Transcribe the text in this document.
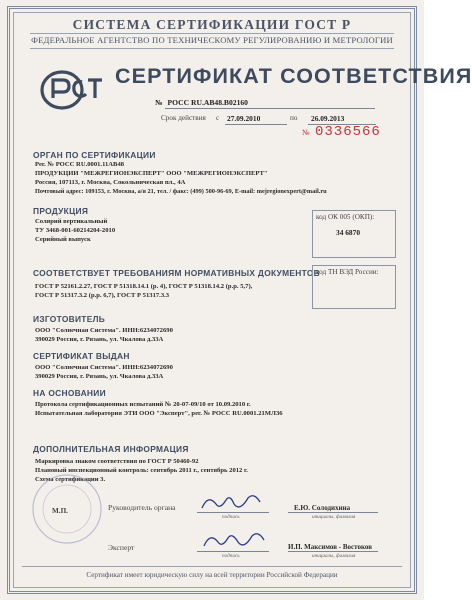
СИСТЕМА СЕРТИФИКАЦИИ ГОСТ Р
ФЕДЕРАЛЬНОЕ АГЕНТСТВО ПО ТЕХНИЧЕСКОМУ РЕГУЛИРОВАНИЮ И МЕТРОЛОГИИ
СЕРТИФИКАТ СООТВЕТСТВИЯ
№ РОСС RU.АВ48.В02160
Срок действия с 27.09.2010	по 26.09.2013
№ 0336566
ОРГАН ПО СЕРТИФИКАЦИИ
Рег. № РОСС RU.0001.11АВ48
ПРОДУКЦИИ "МЕЖРЕГИОНЭКСПЕРТ" ООО "МЕЖРЕГИОНЭКСПЕРТ"
Россия, 107113, г. Москва, Сокольническая пл., 4А
Почтовый адрес: 109153, г. Москва, а/я 21, тел. / факс: (499) 500-96-69, E-mail: mejregionexpert@mail.ru
ПРОДУКЦИЯ
Солярий вертикальный
ТУ 3468-001-60214204-2010
Серийный выпуск
код ОК 005 (ОКП):
34 6870
СООТВЕТСТВУЕТ ТРЕБОВАНИЯМ НОРМАТИВНЫХ ДОКУМЕНТОВ
ГОСТ Р 52161.2.27, ГОСТ Р 51318.14.1 (р. 4), ГОСТ Р 51318.14.2 (р.р. 5,7),
ГОСТ Р 51317.3.2 (р.р. 6,7), ГОСТ Р 51317.3.3
код ТН ВЭД России:
ИЗГОТОВИТЕЛЬ
ООО "Солнечная Система". ИНН:6234072690
390029 Россия, г. Рязань, ул. Чкалова д.33А
СЕРТИФИКАТ ВЫДАН
ООО "Солнечная Система". ИНН:6234072690
390029 Россия, г. Рязань, ул. Чкалова д.33А
НА ОСНОВАНИИ
Протокола сертификационных испытаний № 20-07-09/10 от 10.09.2010 г.
Испытательная лаборатория ЭТИ ООО "Эксперт", рег. № РОСС RU.0001.21МЛ36
ДОПОЛНИТЕЛЬНАЯ ИНФОРМАЦИЯ
Маркировка знаком соответствия по ГОСТ Р 50460-92
Плановый инспекционный контроль: сентябрь 2011 г., сентябрь 2012 г.
Схема сертификации 3.
М.П.	Руководитель органа
подпись
Е.Ю. Солодихина
инициалы, фамилия
Эксперт
подпись
И.П. Максимов - Востоков
инициалы, фамилия
Сертификат имеет юридическую силу на всей территории Российской Федерации
